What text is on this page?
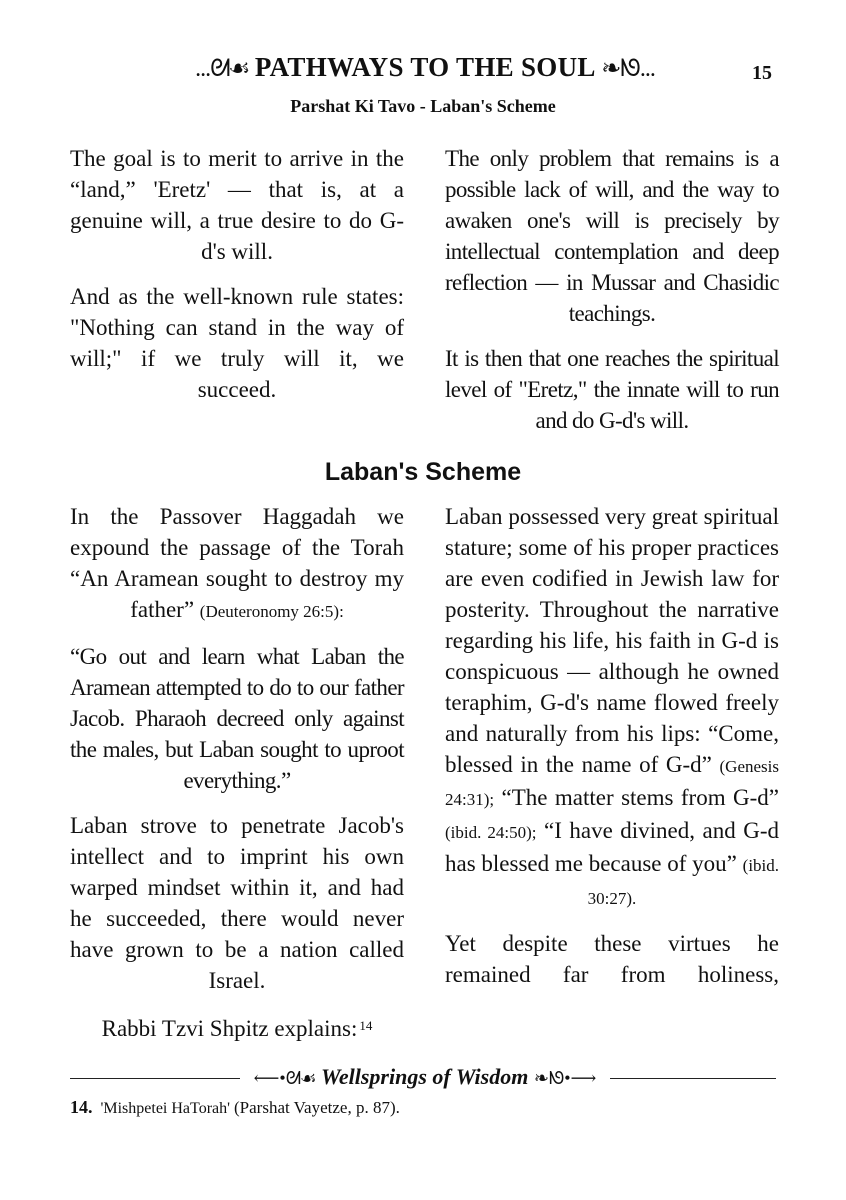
...ᘛ☙ PATHWAYS TO THE SOUL ❧ᘚ...	15
Parshat Ki Tavo - Laban's Scheme

The goal is to merit to arrive in the “land,” 'Eretz' — that is, at a genuine will, a true desire to do G-d's will.

And as the well-known rule states: "Nothing can stand in the way of will;" if we truly will it, we succeed.

The only problem that remains is a possible lack of will, and the way to awaken one's will is precisely by intellectual contemplation and deep reflection — in Mussar and Chasidic teachings.

It is then that one reaches the spiritual level of "Eretz," the innate will to run and do G-d's will.

Laban's Scheme

In the Passover Haggadah we expound the passage of the Torah “An Aramean sought to destroy my father” (Deuteronomy 26:5):

“Go out and learn what Laban the Aramean attempted to do to our father Jacob. Pharaoh decreed only against the males, but Laban sought to uproot everything.”

Laban strove to penetrate Jacob's intellect and to imprint his own warped mindset within it, and had he succeeded, there would never have grown to be a nation called Israel.

Rabbi Tzvi Shpitz explains: $^{14}$

Laban possessed very great spiritual stature; some of his proper practices are even codified in Jewish law for posterity. Throughout the narrative regarding his life, his faith in G-d is conspicuous — although he owned teraphim, G-d's name flowed freely and naturally from his lips: “Come, blessed in the name of G-d” (Genesis 24:31); “The matter stems from G-d” (ibid. 24:50); “I have divined, and G-d has blessed me because of you” (ibid. 30:27).

Yet despite these virtues he remained far from holiness,

⟵•ᘛ☙ Wellsprings of Wisdom ❧ᘚ•⟶
14. 'Mishpetei HaTorah' (Parshat Vayetze, p. 87).
